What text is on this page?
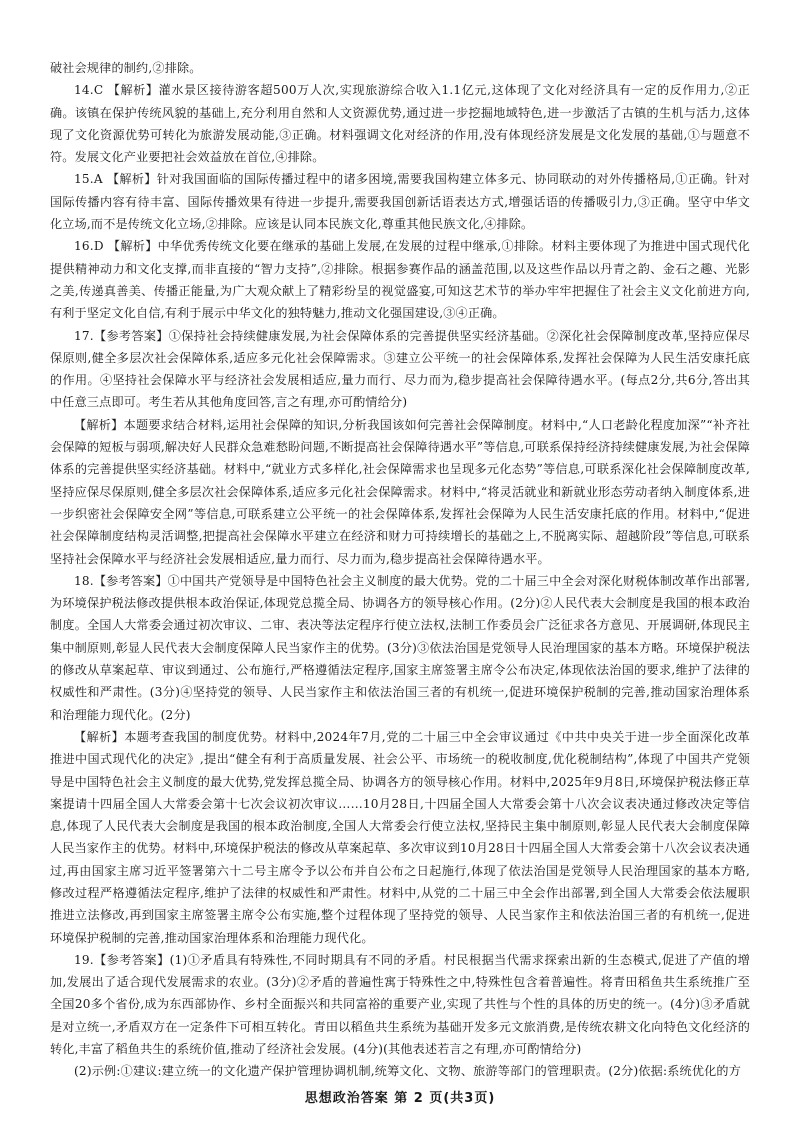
破社会规律的制约,②排除。

14.C 【解析】灌水景区接待游客超500万人次,实现旅游综合收入1.1亿元,这体现了文化对经济具有一定的反作用力,②正确。该镇在保护传统风貌的基础上,充分利用自然和人文资源优势,通过进一步挖掘地域特色,进一步激活了古镇的生机与活力,这体现了文化资源优势可转化为旅游发展动能,③正确。材料强调文化对经济的作用,没有体现经济发展是文化发展的基础,①与题意不符。发展文化产业要把社会效益放在首位,④排除。

15.A 【解析】针对我国面临的国际传播过程中的诸多困境,需要我国构建立体多元、协同联动的对外传播格局,①正确。针对国际传播内容有待丰富、国际传播效果有待进一步提升,需要我国创新话语表达方式,增强话语的传播吸引力,③正确。坚守中华文化立场,而不是传统文化立场,②排除。应该是认同本民族文化,尊重其他民族文化,④排除。

16.D 【解析】中华优秀传统文化要在继承的基础上发展,在发展的过程中继承,①排除。材料主要体现了为推进中国式现代化提供精神动力和文化支撑,而非直接的“智力支持”,②排除。根据参赛作品的涵盖范围,以及这些作品以丹青之韵、金石之趣、光影之美,传递真善美、传播正能量,为广大观众献上了精彩纷呈的视觉盛宴,可知这艺术节的举办牢牢把握住了社会主义文化前进方向,有利于坚定文化自信,有利于展示中华文化的独特魅力,推动文化强国建设,③④正确。

17.【参考答案】①保持社会持续健康发展,为社会保障体系的完善提供坚实经济基础。②深化社会保障制度改革,坚持应保尽保原则,健全多层次社会保障体系,适应多元化社会保障需求。③建立公平统一的社会保障体系,发挥社会保障为人民生活安康托底的作用。④坚持社会保障水平与经济社会发展相适应,量力而行、尽力而为,稳步提高社会保障待遇水平。(每点2分,共6分,答出其中任意三点即可。考生若从其他角度回答,言之有理,亦可酌情给分)

【解析】本题要求结合材料,运用社会保障的知识,分析我国该如何完善社会保障制度。材料中,“人口老龄化程度加深”“补齐社会保障的短板与弱项,解决好人民群众急难愁盼问题,不断提高社会保障待遇水平”等信息,可联系保持经济持续健康发展,为社会保障体系的完善提供坚实经济基础。材料中,“就业方式多样化,社会保障需求也呈现多元化态势”等信息,可联系深化社会保障制度改革,坚持应保尽保原则,健全多层次社会保障体系,适应多元化社会保障需求。材料中,“将灵活就业和新就业形态劳动者纳入制度体系,进一步织密社会保障安全网”等信息,可联系建立公平统一的社会保障体系,发挥社会保障为人民生活安康托底的作用。材料中,“促进社会保障制度结构灵活调整,把提高社会保障水平建立在经济和财力可持续增长的基础之上,不脱离实际、超越阶段”等信息,可联系坚持社会保障水平与经济社会发展相适应,量力而行、尽力而为,稳步提高社会保障待遇水平。

18.【参考答案】①中国共产党领导是中国特色社会主义制度的最大优势。党的二十届三中全会对深化财税体制改革作出部署,为环境保护税法修改提供根本政治保证,体现党总揽全局、协调各方的领导核心作用。(2分)②人民代表大会制度是我国的根本政治制度。全国人大常委会通过初次审议、二审、表决等法定程序行使立法权,法制工作委员会广泛征求各方意见、开展调研,体现民主集中制原则,彰显人民代表大会制度保障人民当家作主的优势。(3分)③依法治国是党领导人民治理国家的基本方略。环境保护税法的修改从草案起草、审议到通过、公布施行,严格遵循法定程序,国家主席签署主席令公布决定,体现依法治国的要求,维护了法律的权威性和严肃性。(3分)④坚持党的领导、人民当家作主和依法治国三者的有机统一,促进环境保护税制的完善,推动国家治理体系和治理能力现代化。(2分)

【解析】本题考查我国的制度优势。材料中,2024年7月,党的二十届三中全会审议通过《中共中央关于进一步全面深化改革 推进中国式现代化的决定》,提出“健全有利于高质量发展、社会公平、市场统一的税收制度,优化税制结构”,体现了中国共产党领导是中国特色社会主义制度的最大优势,党发挥总揽全局、协调各方的领导核心作用。材料中,2025年9月8日,环境保护税法修正草案提请十四届全国人大常委会第十七次会议初次审议……10月28日,十四届全国人大常委会第十八次会议表决通过修改决定等信息,体现了人民代表大会制度是我国的根本政治制度,全国人大常委会行使立法权,坚持民主集中制原则,彰显人民代表大会制度保障人民当家作主的优势。材料中,环境保护税法的修改从草案起草、多次审议到10月28日十四届全国人大常委会第十八次会议表决通过,再由国家主席习近平签署第六十二号主席令予以公布并自公布之日起施行,体现了依法治国是党领导人民治理国家的基本方略,修改过程严格遵循法定程序,维护了法律的权威性和严肃性。材料中,从党的二十届三中全会作出部署,到全国人大常委会依法履职推进立法修改,再到国家主席签署主席令公布实施,整个过程体现了坚持党的领导、人民当家作主和依法治国三者的有机统一,促进环境保护税制的完善,推动国家治理体系和治理能力现代化。

19.【参考答案】(1)①矛盾具有特殊性,不同时期具有不同的矛盾。村民根据当代需求探索出新的生态模式,促进了产值的增加,发展出了适合现代发展需求的农业。(3分)②矛盾的普遍性寓于特殊性之中,特殊性包含着普遍性。将青田稻鱼共生系统推广至全国20多个省份,成为东西部协作、乡村全面振兴和共同富裕的重要产业,实现了共性与个性的具体的历史的统一。(4分)③矛盾就是对立统一,矛盾双方在一定条件下可相互转化。青田以稻鱼共生系统为基础开发多元文旅消费,是传统农耕文化向特色文化经济的转化,丰富了稻鱼共生的系统价值,推动了经济社会发展。(4分)(其他表述若言之有理,亦可酌情给分)

(2)示例:①建议:建立统一的文化遗产保护管理协调机制,统筹文化、文物、旅游等部门的管理职责。(2分)依据:系统优化的方

思想政治答案 第 2 页(共3页)
